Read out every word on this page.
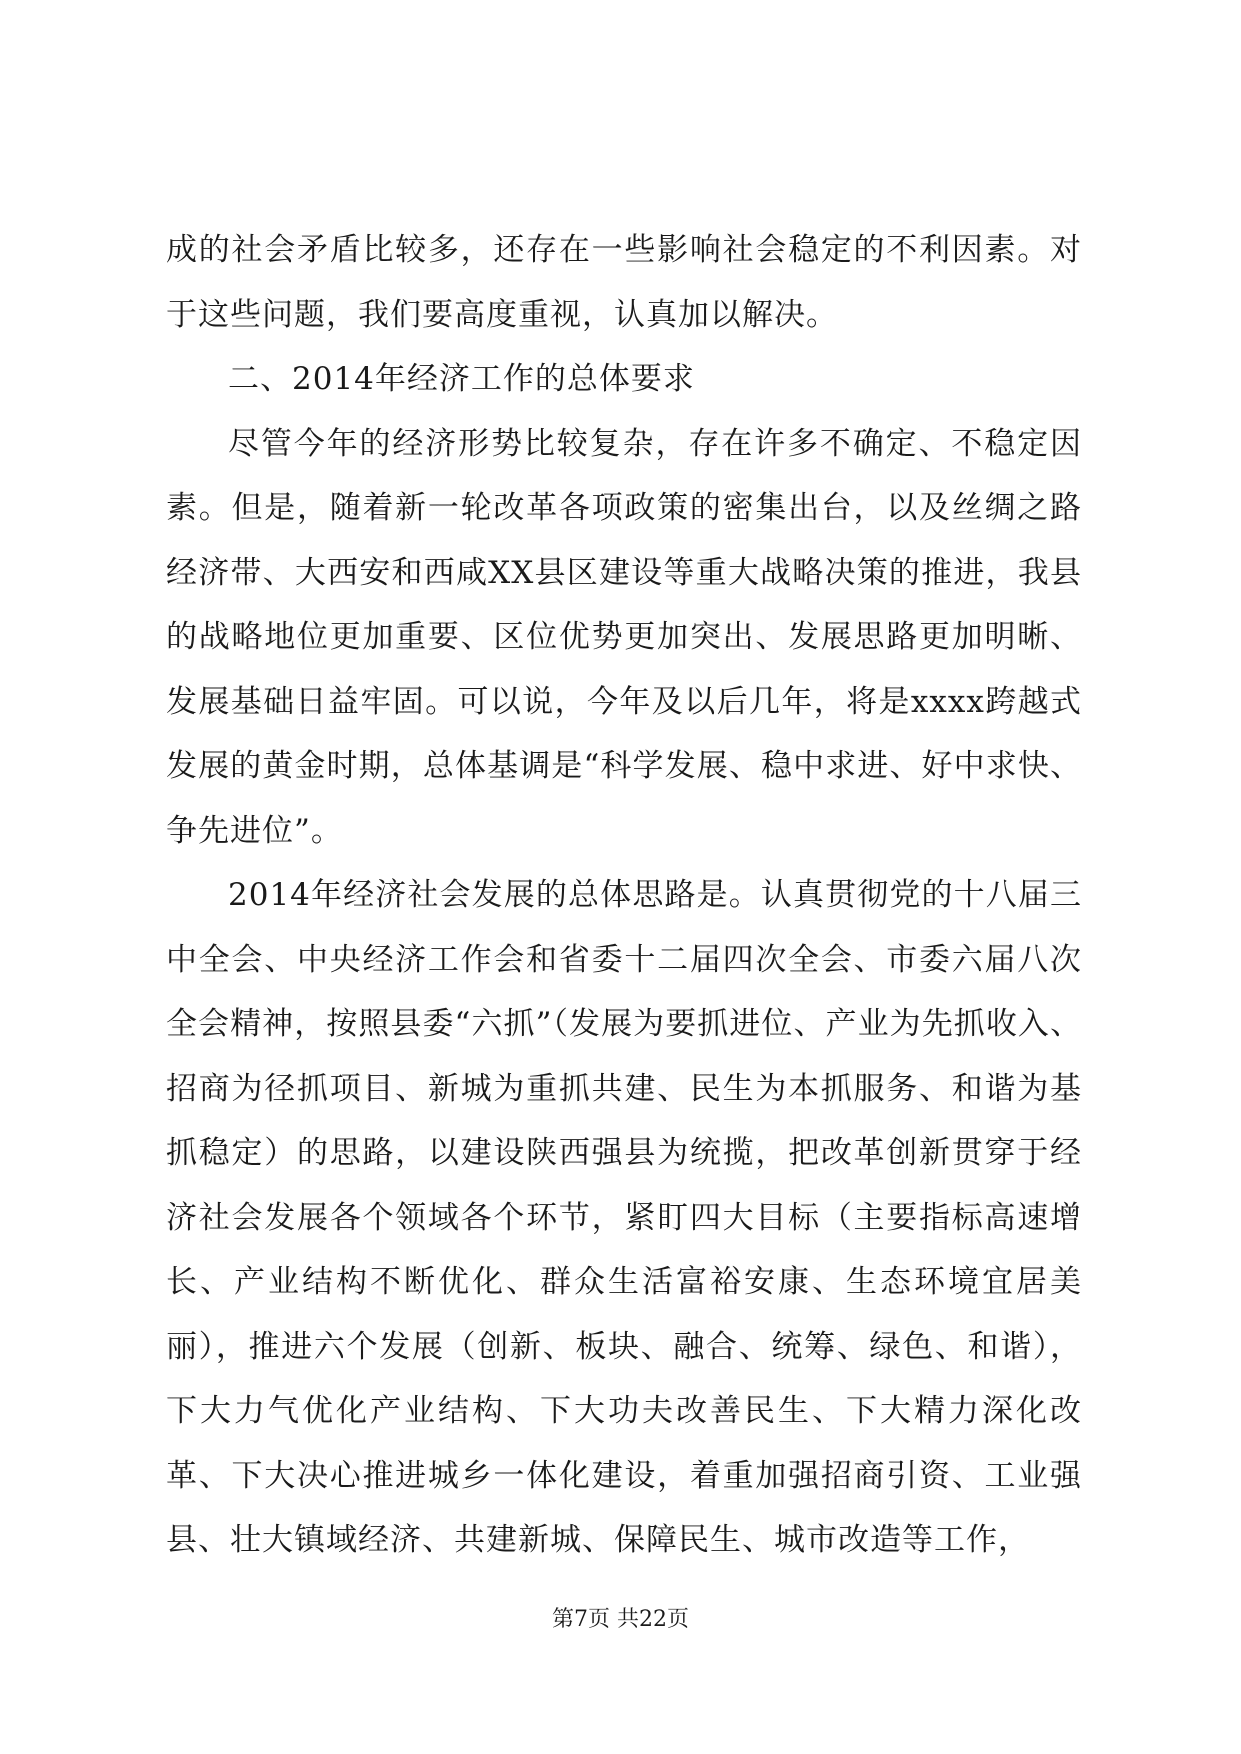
成的社会矛盾比较多，还存在一些影响社会稳定的不利因素。对于这些问题，我们要高度重视，认真加以解决。

二、2014年经济工作的总体要求

尽管今年的经济形势比较复杂，存在许多不确定、不稳定因素。但是，随着新一轮改革各项政策的密集出台，以及丝绸之路经济带、大西安和西咸XX县区建设等重大战略决策的推进，我县的战略地位更加重要、区位优势更加突出、发展思路更加明晰、发展基础日益牢固。可以说，今年及以后几年，将是xxxx跨越式发展的黄金时期，总体基调是“科学发展、稳中求进、好中求快、争先进位”。

2014年经济社会发展的总体思路是。认真贯彻党的十八届三中全会、中央经济工作会和省委十二届四次全会、市委六届八次全会精神，按照县委“六抓”（发展为要抓进位、产业为先抓收入、招商为径抓项目、新城为重抓共建、民生为本抓服务、和谐为基抓稳定）的思路，以建设陕西强县为统揽，把改革创新贯穿于经济社会发展各个领域各个环节，紧盯四大目标（主要指标高速增长、产业结构不断优化、群众生活富裕安康、生态环境宜居美丽），推进六个发展（创新、板块、融合、统筹、绿色、和谐），下大力气优化产业结构、下大功夫改善民生、下大精力深化改革、下大决心推进城乡一体化建设，着重加强招商引资、工业强县、壮大镇域经济、共建新城、保障民生、城市改造等工作，

第7页 共22页
